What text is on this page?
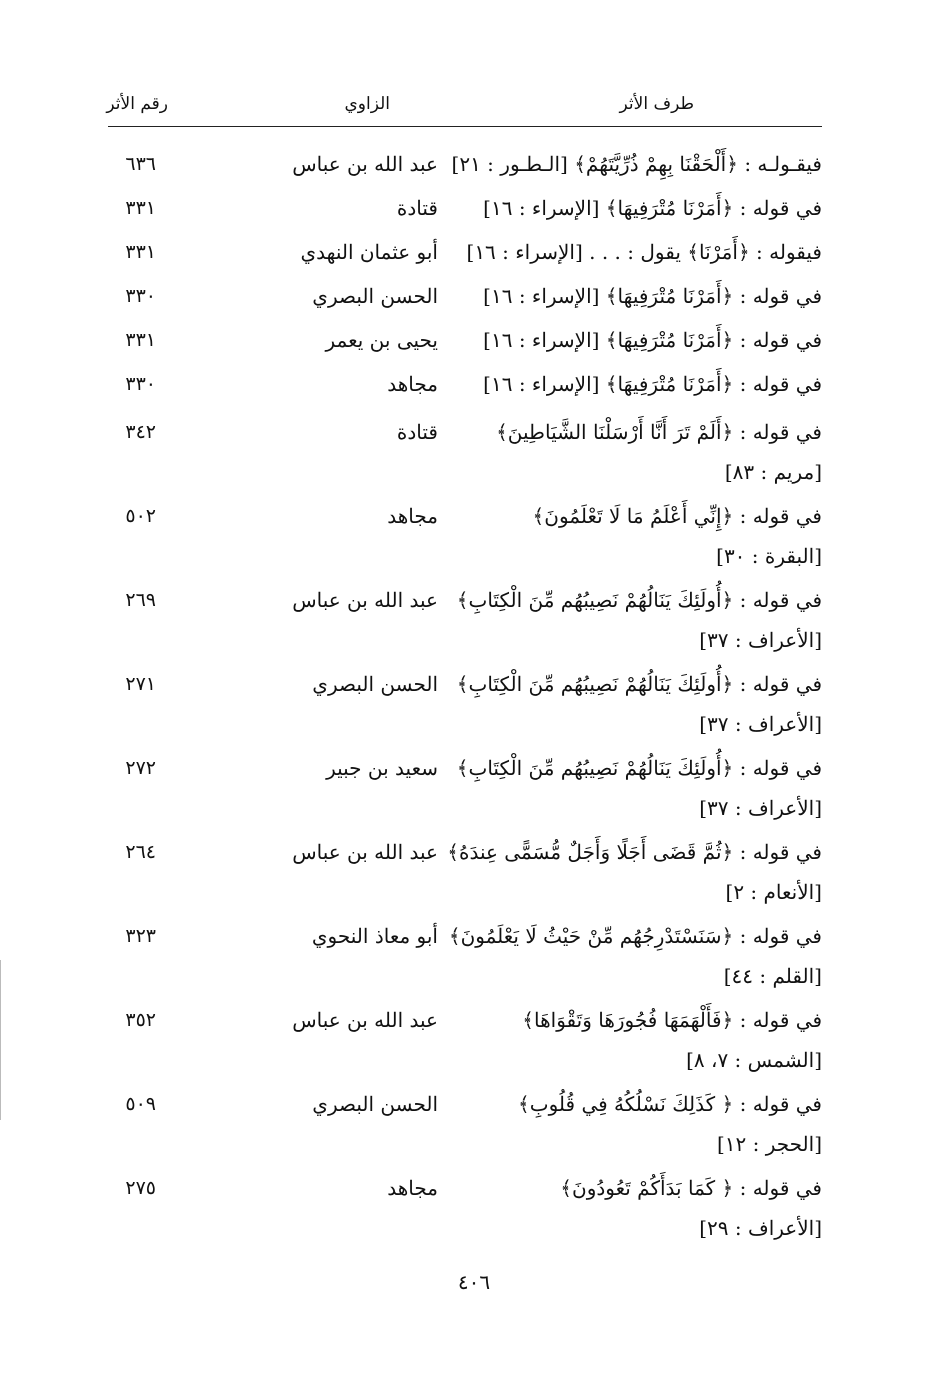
طرف الأثر
الزاوي
رقم الأثر
فيقـولـه : ﴿أَلْحَقْنَا بِهِمْ ذُرِّيَّتَهُمْ﴾ [الـطـور : ٢١]
عبد الله بن عباس
٦٣٦
في قوله : ﴿أَمَرْنَا مُتْرَفِيهَا﴾ [الإسراء : ١٦]
قتادة
٣٣١
فيقوله : ﴿أَمَرْنَا﴾ يقول : . . . [الإسراء : ١٦]
أبو عثمان النهدي
٣٣١
في قوله : ﴿أَمَرْنَا مُتْرَفِيهَا﴾ [الإسراء : ١٦]
الحسن البصري
٣٣٠
في قوله : ﴿أَمَرْنَا مُتْرَفِيهَا﴾ [الإسراء : ١٦]
يحيى بن يعمر
٣٣١
في قوله : ﴿أَمَرْنَا مُتْرَفِيهَا﴾ [الإسراء : ١٦]
مجاهد
٣٣٠
في قوله : ﴿أَلَمْ تَرَ أَنَّا أَرْسَلْنَا الشَّيَاطِينَ﴾
[مريم : ٨٣]
قتادة
٣٤٢
في قوله : ﴿إِنِّي أَعْلَمُ مَا لَا تَعْلَمُونَ﴾
[البقرة : ٣٠]
مجاهد
٥٠٢
في قوله : ﴿أُولَئِكَ يَنَالُهُمْ نَصِيبُهُم مِّنَ الْكِتَابِ﴾
[الأعراف : ٣٧]
عبد الله بن عباس
٢٦٩
في قوله : ﴿أُولَئِكَ يَنَالُهُمْ نَصِيبُهُم مِّنَ الْكِتَابِ﴾
[الأعراف : ٣٧]
الحسن البصري
٢٧١
في قوله : ﴿أُولَئِكَ يَنَالُهُمْ نَصِيبُهُم مِّنَ الْكِتَابِ﴾
[الأعراف : ٣٧]
سعيد بن جبير
٢٧٢
في قوله : ﴿ثُمَّ قَضَى أَجَلًا وَأَجَلٌ مُّسَمًّى عِندَهُ﴾
[الأنعام : ٢]
عبد الله بن عباس
٢٦٤
في قوله : ﴿سَنَسْتَدْرِجُهُم مِّنْ حَيْثُ لَا يَعْلَمُونَ﴾
[القلم : ٤٤]
أبو معاذ النحوي
٣٢٣
في قوله : ﴿فَأَلْهَمَهَا فُجُورَهَا وَتَقْوَاهَا﴾
[الشمس : ٧، ٨]
عبد الله بن عباس
٣٥٢
في قوله : ﴿ كَذَلِكَ نَسْلُكُهُ فِي قُلُوبِ﴾
[الحجر : ١٢]
الحسن البصري
٥٠٩
في قوله : ﴿ كَمَا بَدَأَكُمْ تَعُودُونَ﴾
[الأعراف : ٢٩]
مجاهد
٢٧٥
٤٠٦
